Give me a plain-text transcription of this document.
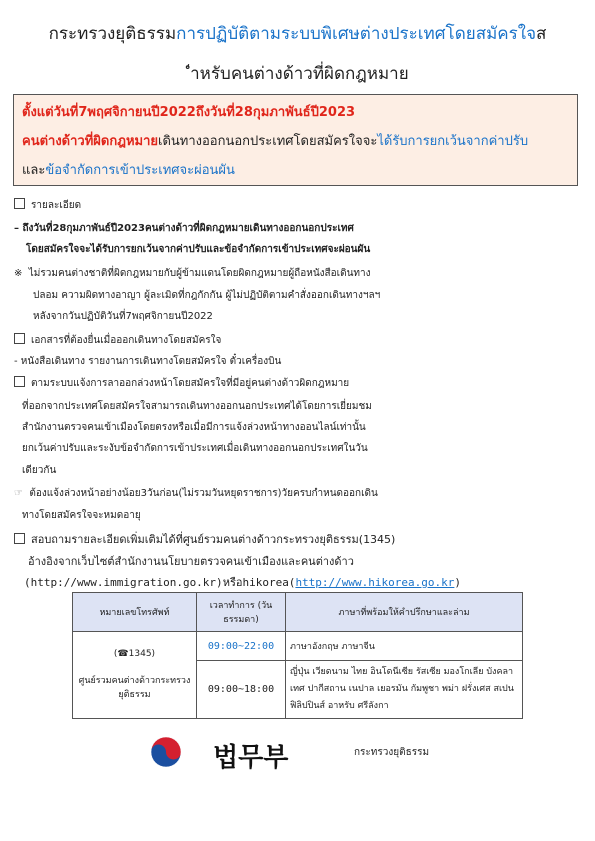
กระทรวงยุติธรรมการปฏิบัติตามระบบพิเศษต่างประเทศโดยสมัครใจส
$^ʼ$ำหรับคนต่างด้าวที่ผิดกฎหมาย
ตั้งแต่วันที่7พฤศจิกายนปี2022ถึงวันที่28กุมภาพันธ์ปี2023
คนต่างด้าวที่ผิดกฎหมายเดินทางออกนอกประเทศโดยสมัครใจจะได้รับการยกเว้นจากค่าปรับ
และข้อจำกัดการเข้าประเทศจะผ่อนผัน
รายละเอียด
– ถึงวันที่28กุมภาพันธ์ปี2023คนต่างด้าวที่ผิดกฎหมายเดินทางออกนอกประเทศ
โดยสมัครใจจะได้รับการยกเว้นจากค่าปรับและข้อจำกัดการเข้าประเทศจะผ่อนผัน
※ ไม่รวมคนต่างชาติที่ผิดกฎหมายกับผู้ข้ามแดนโดยผิดกฎหมายผู้ถือหนังสือเดินทาง
ปลอม ความผิดทางอาญา ผู้ละเมิดที่กฎกักกัน ผู้ไม่ปฏิบัติตามคำสั่งออกเดินทางฯลฯ
หลังจากวันปฏิบัติวันที่7พฤศจิกายนปี2022
เอกสารที่ต้องยื่นเมื่อออกเดินทางโดยสมัครใจ
- หนังสือเดินทาง รายงานการเดินทางโดยสมัครใจ ตั๋วเครื่องบิน
ตามระบบแจ้งการลาออกล่วงหน้าโดยสมัครใจที่มีอยู่คนต่างด้าวผิดกฎหมาย
ที่ออกจากประเทศโดยสมัครใจสามารถเดินทางออกนอกประเทศได้โดยการเยี่ยมชม
สำนักงานตรวจคนเข้าเมืองโดยตรงหรือเมื่อมีการแจ้งล่วงหน้าทางออนไลน์เท่านั้น
ยกเว้นค่าปรับและระงับข้อจำกัดการเข้าประเทศเมื่อเดินทางออกนอกประเทศในวัน
เดียวกัน
☞ ต้องแจ้งล่วงหน้าอย่างน้อย3วันก่อน(ไม่รวมวันหยุดราชการ)วัยครบกำหนดออกเดิน
ทางโดยสมัครใจจะหมดอายุ
สอบถามรายละเอียดเพิ่มเติมได้ที่ศูนย์รวมคนต่างด้าวกระทรวงยุติธรรม(1345)
อ้างอิงจากเว็บไซต์สำนักงานนโยบายตรวจคนเข้าเมืองและคนต่างด้าว
(http://www.immigration.go.kr)หรือhikorea(http://www.hikorea.go.kr)
หมายเลขโทรศัพท์	เวลาทำการ (วันธรรมดา)	ภาษาที่พร้อมให้คำปรึกษาและล่าม

(☎1345)
ศูนย์รวมคนต่างด้าวกระทรวงยุติธรรม	09:00~22:00	ภาษาอังกฤษ ภาษาจีน
	09:00~18:00	ญี่ปุ่น เวียดนาม ไทย อินโดนีเซีย รัสเซีย มองโกเลีย บังคลาเทศ ปากีสถาน เนปาล เยอรมัน กัมพูชา พม่า ฝรั่งเศส สเปน ฟิลิปปินส์ อาหรับ ศรีลังกา
법무부	กระทรวงยุติธรรม
